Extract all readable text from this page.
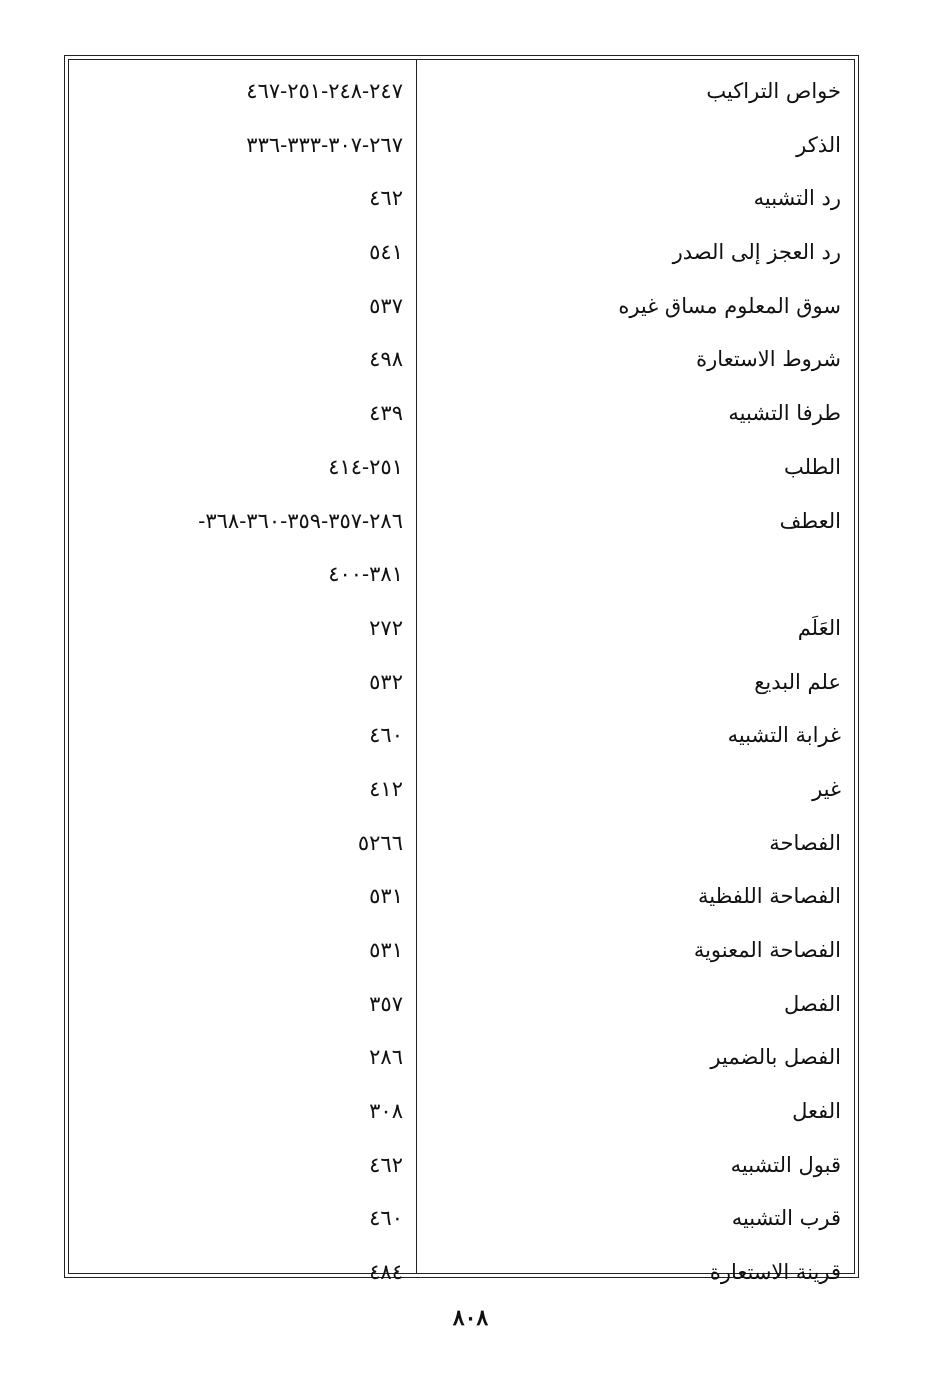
خواص التراكيب
٢٤٧-٢٤٨-٢٥١-٤٦٧
الذكر
٢٦٧-٣٠٧-٣٣٣-٣٣٦
رد التشبيه
٤٦٢
رد العجز إلى الصدر
٥٤١
سوق المعلوم مساق غيره
٥٣٧
شروط الاستعارة
٤٩٨
طرفا التشبيه
٤٣٩
الطلب
٢٥١-٤١٤
العطف
٢٨٦-٣٥٧-٣٥٩-٣٦٠-٣٦٨-
٣٨١-٤٠٠
العَلَم
٢٧٢
علم البديع
٥٣٢
غرابة التشبيه
٤٦٠
غير
٤١٢
الفصاحة
٥٢٦٦
الفصاحة اللفظية
٥٣١
الفصاحة المعنوية
٥٣١
الفصل
٣٥٧
الفصل بالضمير
٢٨٦
الفعل
٣٠٨
قبول التشبيه
٤٦٢
قرب التشبيه
٤٦٠
قرينة الاستعارة
٤٨٤
٨٠٨
